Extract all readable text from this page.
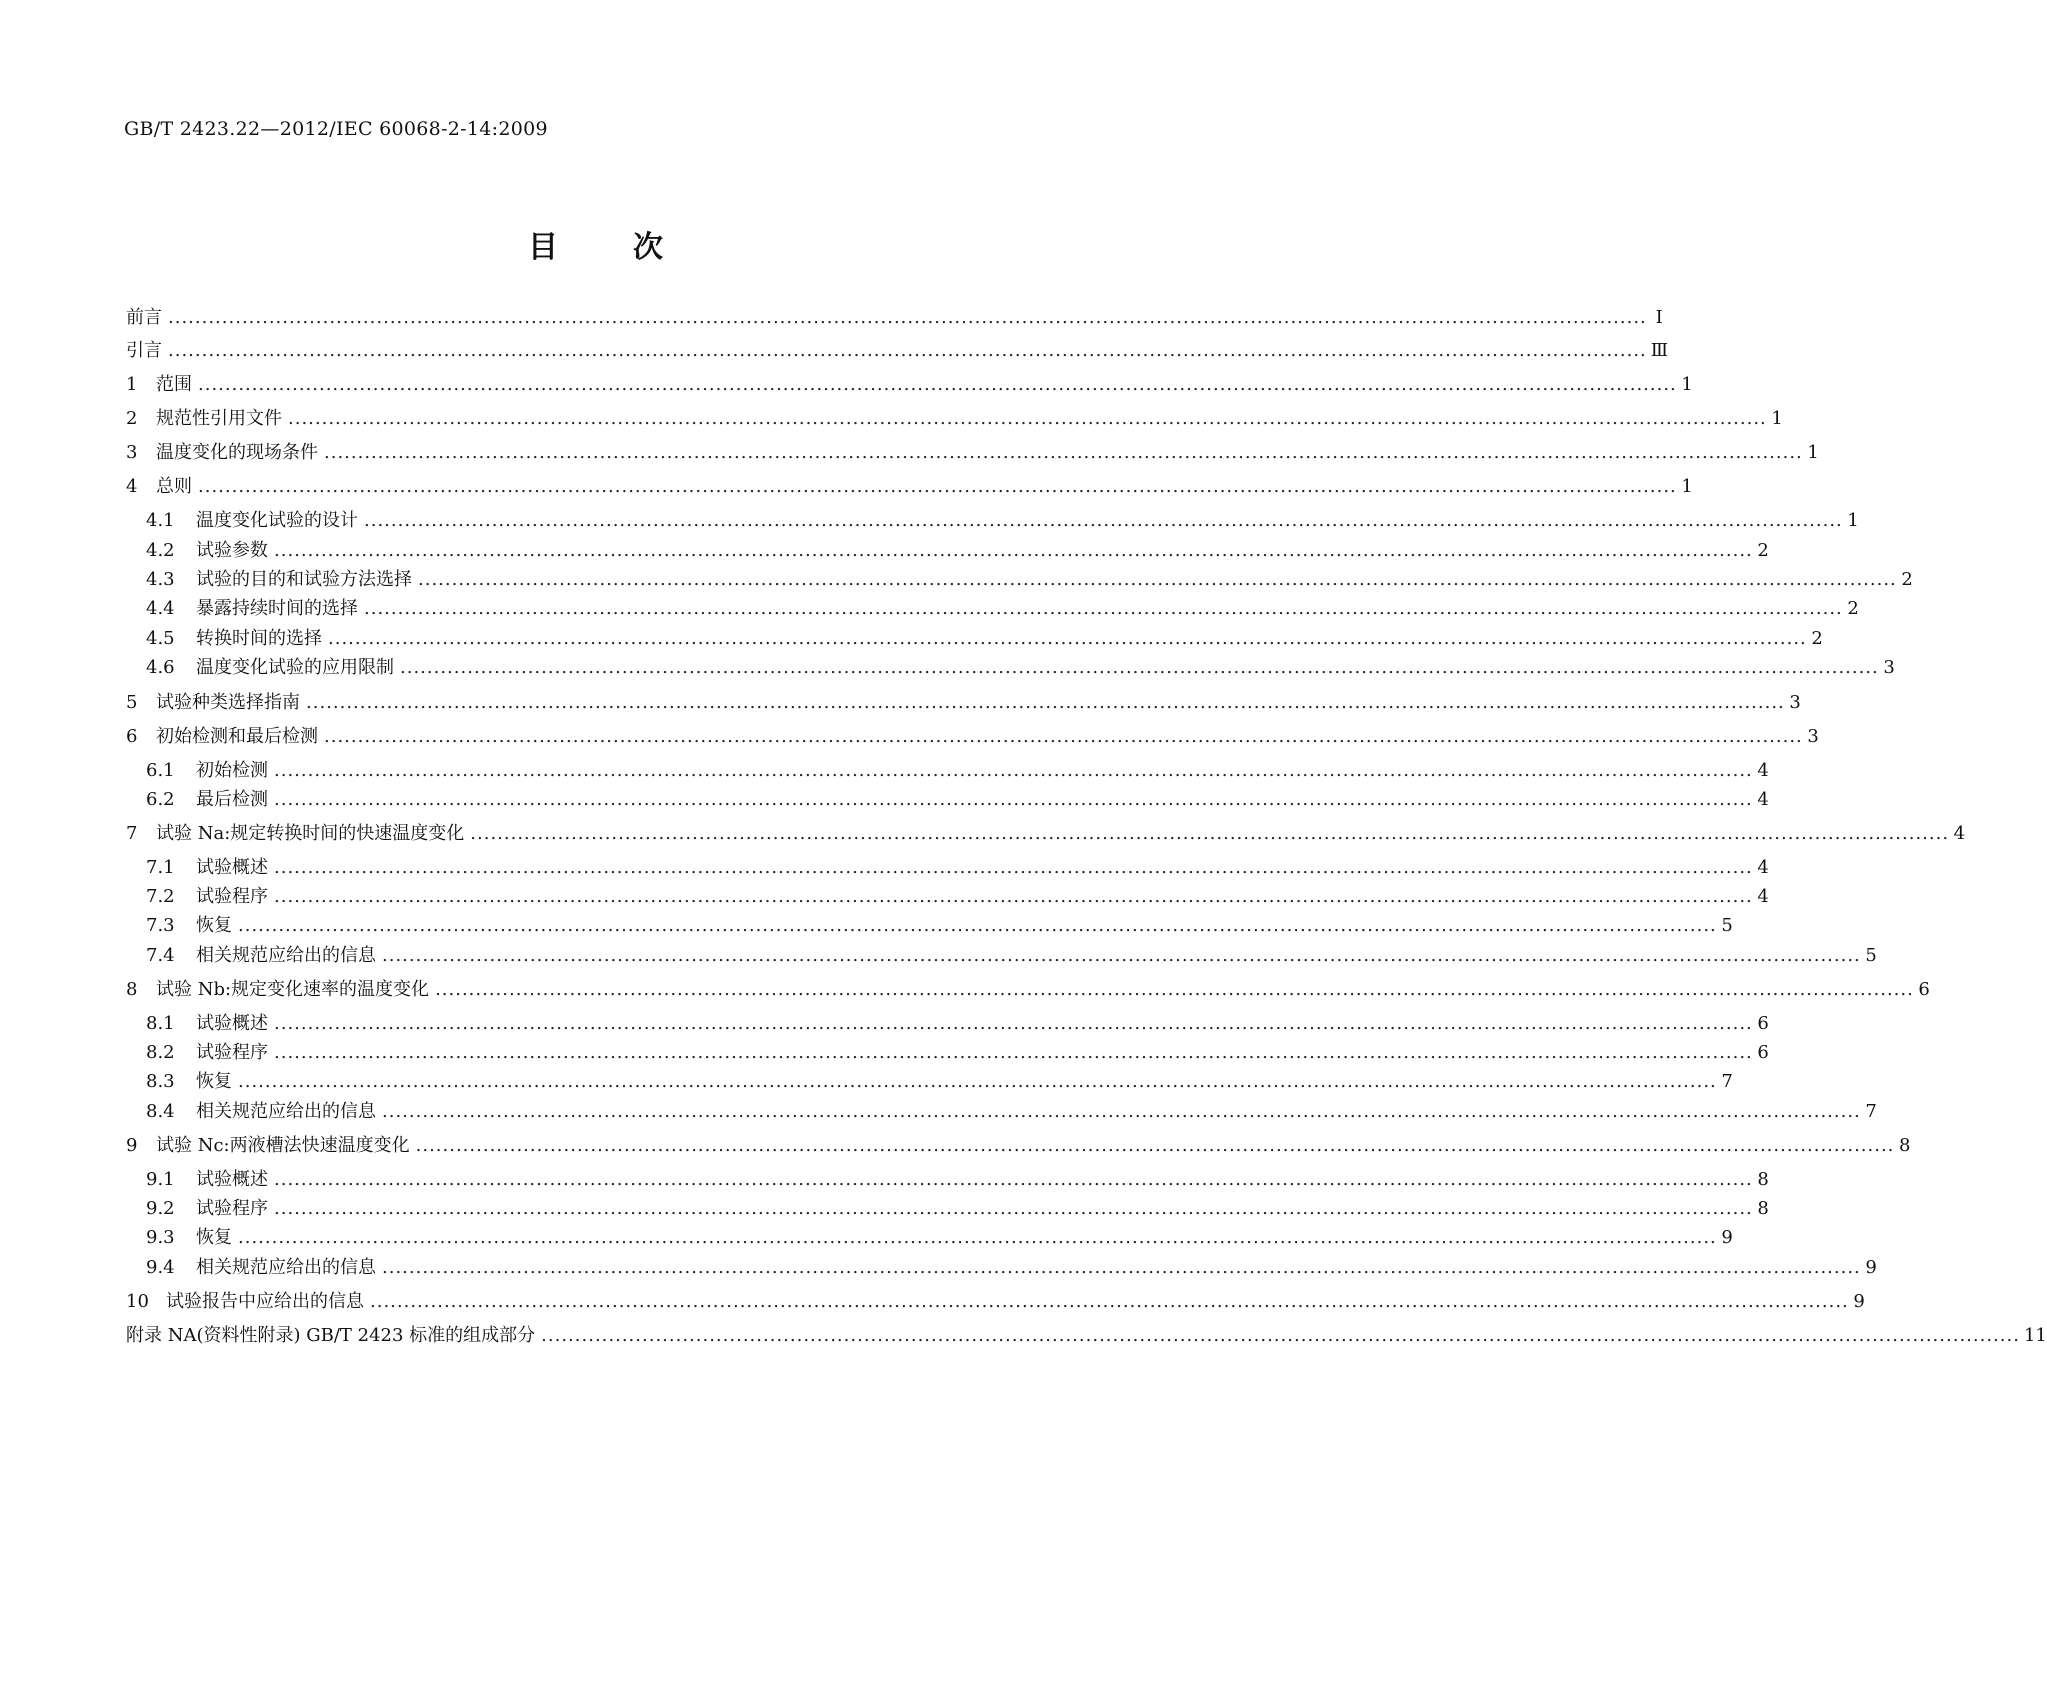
GB/T 2423.22—2012/IEC 60068-2-14:2009
目	次
前言 ............................................................................................................................................................................................................................ Ⅰ
引言 ............................................................................................................................................................................................................................ Ⅲ
1	范围 ............................................................................................................................................................................................................................ 1
2	规范性引用文件 ............................................................................................................................................................................................................................ 1
3	温度变化的现场条件 ............................................................................................................................................................................................................................ 1
4	总则 ............................................................................................................................................................................................................................ 1
4.1	温度变化试验的设计 ............................................................................................................................................................................................................................ 1
4.2	试验参数 ............................................................................................................................................................................................................................ 2
4.3	试验的目的和试验方法选择 ............................................................................................................................................................................................................................ 2
4.4	暴露持续时间的选择 ............................................................................................................................................................................................................................ 2
4.5	转换时间的选择 ............................................................................................................................................................................................................................ 2
4.6	温度变化试验的应用限制 ............................................................................................................................................................................................................................ 3
5	试验种类选择指南 ............................................................................................................................................................................................................................ 3
6	初始检测和最后检测 ............................................................................................................................................................................................................................ 3
6.1	初始检测 ............................................................................................................................................................................................................................ 4
6.2	最后检测 ............................................................................................................................................................................................................................ 4
7	试验 Na:规定转换时间的快速温度变化 ............................................................................................................................................................................................................................ 4
7.1	试验概述 ............................................................................................................................................................................................................................ 4
7.2	试验程序 ............................................................................................................................................................................................................................ 4
7.3	恢复 ............................................................................................................................................................................................................................ 5
7.4	相关规范应给出的信息 ............................................................................................................................................................................................................................ 5
8	试验 Nb:规定变化速率的温度变化 ............................................................................................................................................................................................................................ 6
8.1	试验概述 ............................................................................................................................................................................................................................ 6
8.2	试验程序 ............................................................................................................................................................................................................................ 6
8.3	恢复 ............................................................................................................................................................................................................................ 7
8.4	相关规范应给出的信息 ............................................................................................................................................................................................................................ 7
9	试验 Nc:两液槽法快速温度变化 ............................................................................................................................................................................................................................ 8
9.1	试验概述 ............................................................................................................................................................................................................................ 8
9.2	试验程序 ............................................................................................................................................................................................................................ 8
9.3	恢复 ............................................................................................................................................................................................................................ 9
9.4	相关规范应给出的信息 ............................................................................................................................................................................................................................ 9
10 试验报告中应给出的信息 ............................................................................................................................................................................................................................ 9
附录 NA(资料性附录) GB/T 2423 标准的组成部分 ............................................................................................................................................................................................................................ 11
